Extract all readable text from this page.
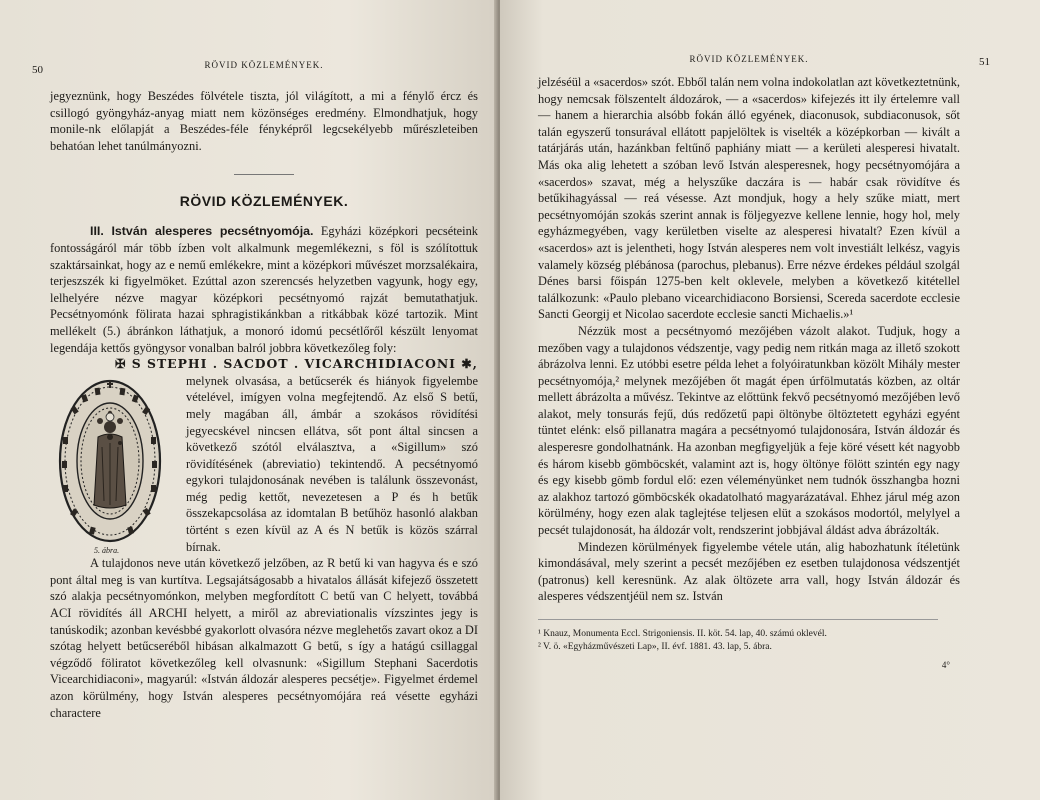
50	RÖVID KÖZLEMÉNYEK.

jegyeznünk, hogy Beszédes fölvétele tiszta, jól világított, a mi a fénylő ércz és csillogó gyöngyház-anyag miatt nem közönséges eredmény. Elmondhatjuk, hogy monile-nk előlapját a Beszédes-féle fényképről legcsekélyebb műrészleteiben behatóan lehet tanúlmányozni.

RÖVID KÖZLEMÉNYEK.

III. István alesperes pecsétnyomója. Egyházi középkori pecséteink fontosságáról már több ízben volt alkalmunk megemlékezni, s föl is szólítottuk szaktársainkat, hogy az e nemű emlékekre, mint a középkori művészet morzsalékaira, terjeszszék ki figyelmöket. Ezúttal azon szerencsés helyzetben vagyunk, hogy egy, lelhelyére nézve magyar középkori pecsétnyomó rajzát bemutathatjuk. Pecsétnyomónk fölirata hazai sphragistikánkban a ritkábbak közé tartozik. Mint mellékelt (5.) ábránkon láthatjuk, a monoró idomú pecsétlőről készült lenyomat legendája kettős gyöngysor vonalban balról jobbra következőleg foly:

✠ S STEPHI . SACDOT . VICARCHIDIACONI ✱,

5. ábra.

melynek olvasása, a betűcserék és hiányok figyelembe vételével, imígyen volna megfejtendő. Az első S betű, mely magában áll, ámbár a szokásos rövidítési jegyecskével nincsen ellátva, sőt pont által sincsen a következő szótól elválasztva, a «Sigillum» szó rövidítésének (abreviatio) tekintendő. A pecsétnyomó egykori tulajdonosának nevében is találunk összevonást, még pedig kettőt, nevezetesen a P és h betűk összekapcsolása az idomtalan B betűhöz hasonló alakban történt s ezen kívül az A és N betűk is közös szárral bírnak.

A tulajdonos neve után következő jelzőben, az R betű ki van hagyva és e szó pont által meg is van kurtítva. Legsajátságosabb a hivatalos állását kifejező összetett szó alakja pecsétnyomónkon, melyben megfordított C betű van C helyett, továbbá ACI rövidítés áll ARCHI helyett, a miről az abreviationalis vízszintes jegy is tanúskodik; azonban kevésbbé gyakorlott olvasóra nézve meglehetős zavart okoz a DI szótag helyett betűcseréből hibásan alkalmazott G betű, s így a hatágú csillaggal végződő föliratot következőleg kell olvasnunk: «Sigillum Stephani Sacerdotis Vicearchidiaconi», magyarúl: «István áldozár alesperes pecsétje». Figyelmet érdemel azon körülmény, hogy István alesperes pecsétnyomójára reá vésette egyházi charactere

RÖVID KÖZLEMÉNYEK.	51

jelzéséül a «sacerdos» szót. Ebből talán nem volna indokolatlan azt következtetnünk, hogy nemcsak fölszentelt áldozárok, — a «sacerdos» kifejezés itt ily értelemre vall — hanem a hierarchia alsóbb fokán álló egyének, diaconusok, subdiaconusok, sőt talán egyszerű tonsurával ellátott papjelöltek is viselték a középkorban — kivált a tatárjárás után, hazánkban feltűnő paphiány miatt — a kerületi alesperesi hivatalt. Más oka alig lehetett a szóban levő István alesperesnek, hogy pecsétnyomójára a «sacerdos» szavat, még a helyszűke daczára is — habár csak rövidítve és betűkihagyással — reá vésesse. Azt mondjuk, hogy a hely szűke miatt, mert pecsétnyomóján szokás szerint annak is följegyezve kellene lennie, hogy hol, mely egyházmegyében, vagy kerületben viselte az alesperesi hivatalt? Ezen kívül a «sacerdos» azt is jelentheti, hogy István alesperes nem volt investiált lelkész, vagyis valamely község plébánosa (parochus, plebanus). Erre nézve érdekes például szolgál Dénes barsi főispán 1275-ben kelt oklevele, melyben a következő kitétellel találkozunk: «Paulo plebano vicearchidiacono Borsiensi, Scereda sacerdote ecclesie Sancti Georgij et Nicolao sacerdote ecclesie sancti Michaelis.»¹

Nézzük most a pecsétnyomó mezőjében vázolt alakot. Tudjuk, hogy a mezőben vagy a tulajdonos védszentje, vagy pedig nem ritkán maga az illető szokott ábrázolva lenni. Ez utóbbi esetre példa lehet a folyóiratunkban közölt Mihály mester pecsétnyomója,² melynek mezőjében őt magát épen úrfölmutatás közben, az oltár mellett ábrázolta a művész. Tekintve az előttünk fekvő pecsétnyomó mezőjében levő alakot, mely tonsurás fejű, dús redőzetű papi öltönybe öltöztetett egyházi egyént tüntet elénk: első pillanatra magára a pecsétnyomó tulajdonosára, István áldozár és alesperesre gondolhatnánk. Ha azonban megfigyeljük a feje köré vésett két nagyobb és három kisebb gömböcskét, valamint azt is, hogy öltönye fölött szintén egy nagy és egy kisebb gömb fordul elő: ezen véleményünket nem tudnók összhangba hozni az alakhoz tartozó gömböcskék okadatolható magyarázatával. Ehhez járul még azon körülmény, hogy ezen alak taglejtése teljesen elüt a szokásos modortól, melylyel a pecsét tulajdonosát, ha áldozár volt, rendszerint jobbjával áldást adva ábrázolták.

Mindezen körülmények figyelembe vétele után, alig habozhatunk ítéletünk kimondásával, mely szerint a pecsét mezőjében ez esetben tulajdonosa védszentjét (patronus) kell keresnünk. Az alak öltözete arra vall, hogy István áldozár és alesperes védszentjéül nem sz. István

¹ Knauz, Monumenta Eccl. Strigoniensis. II. köt. 54. lap, 40. számú oklevél.

² V. ö. «Egyházművészeti Lap», II. évf. 1881. 43. lap, 5. ábra.

4°
